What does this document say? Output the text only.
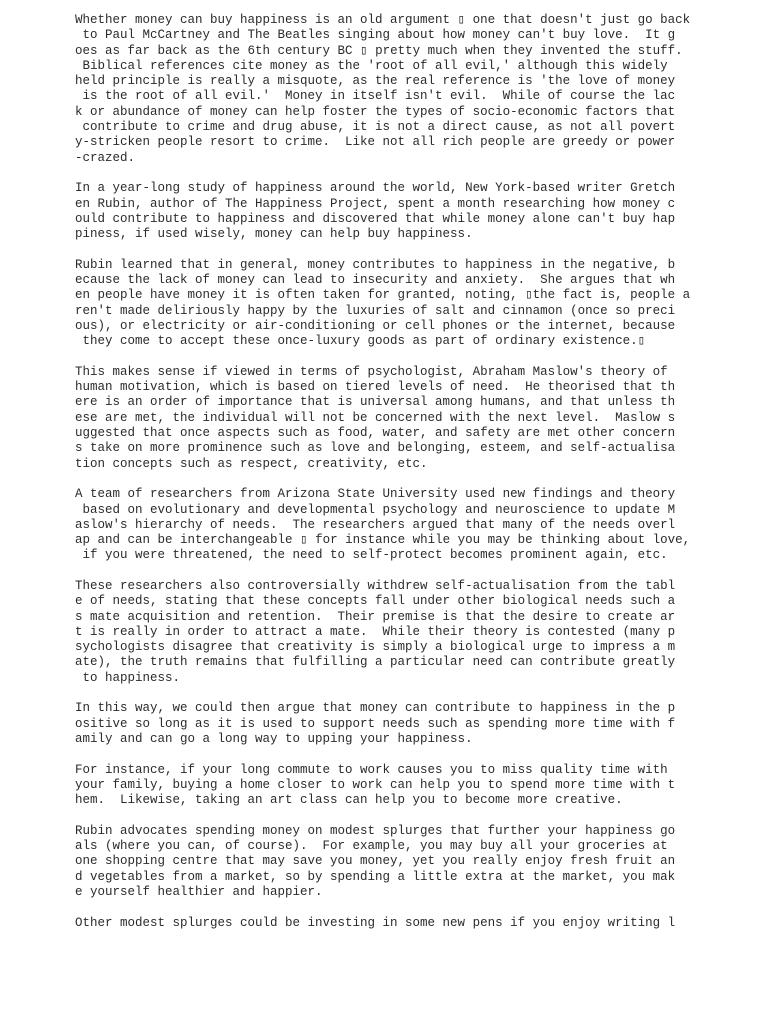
Whether money can buy happiness is an old argument ▯ one that doesn't just go back
to Paul McCartney and The Beatles singing about how money can't buy love.  It g
oes as far back as the 6th century BC ▯ pretty much when they invented the stuff.
Biblical references cite money as the 'root of all evil,' although this widely
held principle is really a misquote, as the real reference is 'the love of money
is the root of all evil.'  Money in itself isn't evil.  While of course the lac
k or abundance of money can help foster the types of socio-economic factors that
contribute to crime and drug abuse, it is not a direct cause, as not all povert
y-stricken people resort to crime.  Like not all rich people are greedy or power
-crazed.
In a year-long study of happiness around the world, New York-based writer Gretch
en Rubin, author of The Happiness Project, spent a month researching how money c
ould contribute to happiness and discovered that while money alone can't buy hap
piness, if used wisely, money can help buy happiness.
Rubin learned that in general, money contributes to happiness in the negative, b
ecause the lack of money can lead to insecurity and anxiety.  She argues that wh
en people have money it is often taken for granted, noting, ▯the fact is, people a
ren't made deliriously happy by the luxuries of salt and cinnamon (once so preci
ous), or electricity or air-conditioning or cell phones or the internet, because
they come to accept these once-luxury goods as part of ordinary existence.▯
This makes sense if viewed in terms of psychologist, Abraham Maslow's theory of
human motivation, which is based on tiered levels of need.  He theorised that th
ere is an order of importance that is universal among humans, and that unless th
ese are met, the individual will not be concerned with the next level.  Maslow s
uggested that once aspects such as food, water, and safety are met other concern
s take on more prominence such as love and belonging, esteem, and self-actualisa
tion concepts such as respect, creativity, etc.
A team of researchers from Arizona State University used new findings and theory
based on evolutionary and developmental psychology and neuroscience to update M
aslow's hierarchy of needs.  The researchers argued that many of the needs overl
ap and can be interchangeable ▯ for instance while you may be thinking about love,
if you were threatened, the need to self-protect becomes prominent again, etc.
These researchers also controversially withdrew self-actualisation from the tabl
e of needs, stating that these concepts fall under other biological needs such a
s mate acquisition and retention.  Their premise is that the desire to create ar
t is really in order to attract a mate.  While their theory is contested (many p
sychologists disagree that creativity is simply a biological urge to impress a m
ate), the truth remains that fulfilling a particular need can contribute greatly
to happiness.
In this way, we could then argue that money can contribute to happiness in the p
ositive so long as it is used to support needs such as spending more time with f
amily and can go a long way to upping your happiness.
For instance, if your long commute to work causes you to miss quality time with
your family, buying a home closer to work can help you to spend more time with t
hem.  Likewise, taking an art class can help you to become more creative.
Rubin advocates spending money on modest splurges that further your happiness go
als (where you can, of course).  For example, you may buy all your groceries at
one shopping centre that may save you money, yet you really enjoy fresh fruit an
d vegetables from a market, so by spending a little extra at the market, you mak
e yourself healthier and happier.
Other modest splurges could be investing in some new pens if you enjoy writing l
